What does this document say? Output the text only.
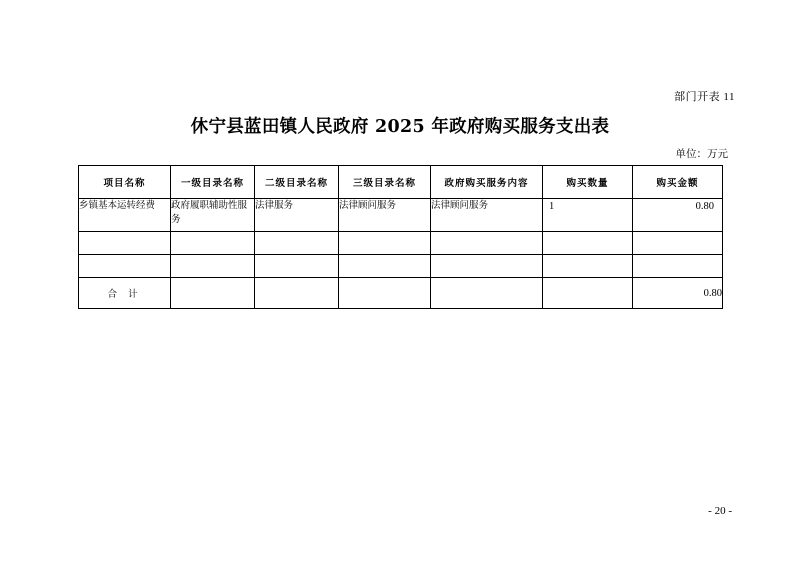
部门开表 11
休宁县蓝田镇人民政府 2025 年政府购买服务支出表
单位：万元
项目名称	一级目录名称	二级目录名称	三级目录名称	政府购买服务内容	购买数量	购买金额
乡镇基本运转经费	政府履职辅助性服务	法律服务	法律顾问服务	法律顾问服务	1	0.80

合 计						0.80
- 20 -
